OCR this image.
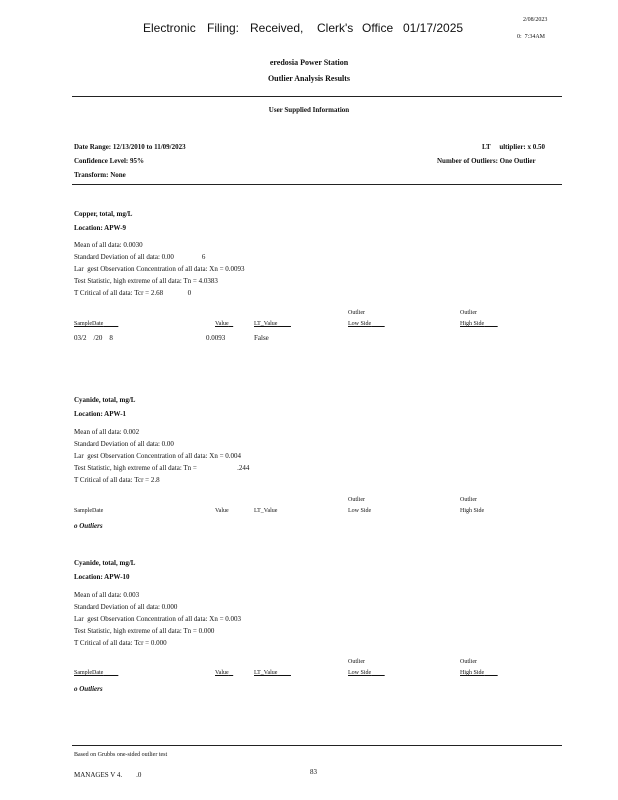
Electronic Filing: Received, Clerk's Office 01/17/2025
2/08/2023
0:  7:34AM
eredosia Power Station
Outlier Analysis Results
User Supplied Information
Date Range: 12/13/2010 to 11/09/2023
Confidence Level: 95%
Transform: None
LT     ultiplier: x 0.50
Number of Outliers: One Outlier
Copper, total, mg/L
Location: APW-9
Mean of all data: 0.0030
Standard Deviation of all data: 0.00                6
Lar  gest Observation Concentration of all data: Xn = 0.0093
Test Statistic, high extreme of all data: Tn = 4.0383
T Critical of all data: Tcr = 2.68              0
Outlier	Outlier
SampleDate	Value	LT_Value	Low Side	High Side
03/2    /20    8	0.0093	False
Cyanide, total, mg/L
Location: APW-1
Mean of all data: 0.002
Standard Deviation of all data: 0.00
Lar  gest Observation Concentration of all data: Xn = 0.004
Test Statistic, high extreme of all data: Tn =                       .244
T Critical of all data: Tcr = 2.8
Outlier	Outlier
SampleDate	Value	LT_Value	Low Side	High Side
o Outliers
Cyanide, total, mg/L
Location: APW-10
Mean of all data: 0.003
Standard Deviation of all data: 0.000
Lar  gest Observation Concentration of all data: Xn = 0.003
Test Statistic, high extreme of all data: Tn = 0.000
T Critical of all data: Tcr = 0.000
Outlier	Outlier
SampleDate	Value	LT_Value	Low Side	High Side
o Outliers
Based on Grubbs one-sided outlier test
MANAGES V 4.        .0	83
